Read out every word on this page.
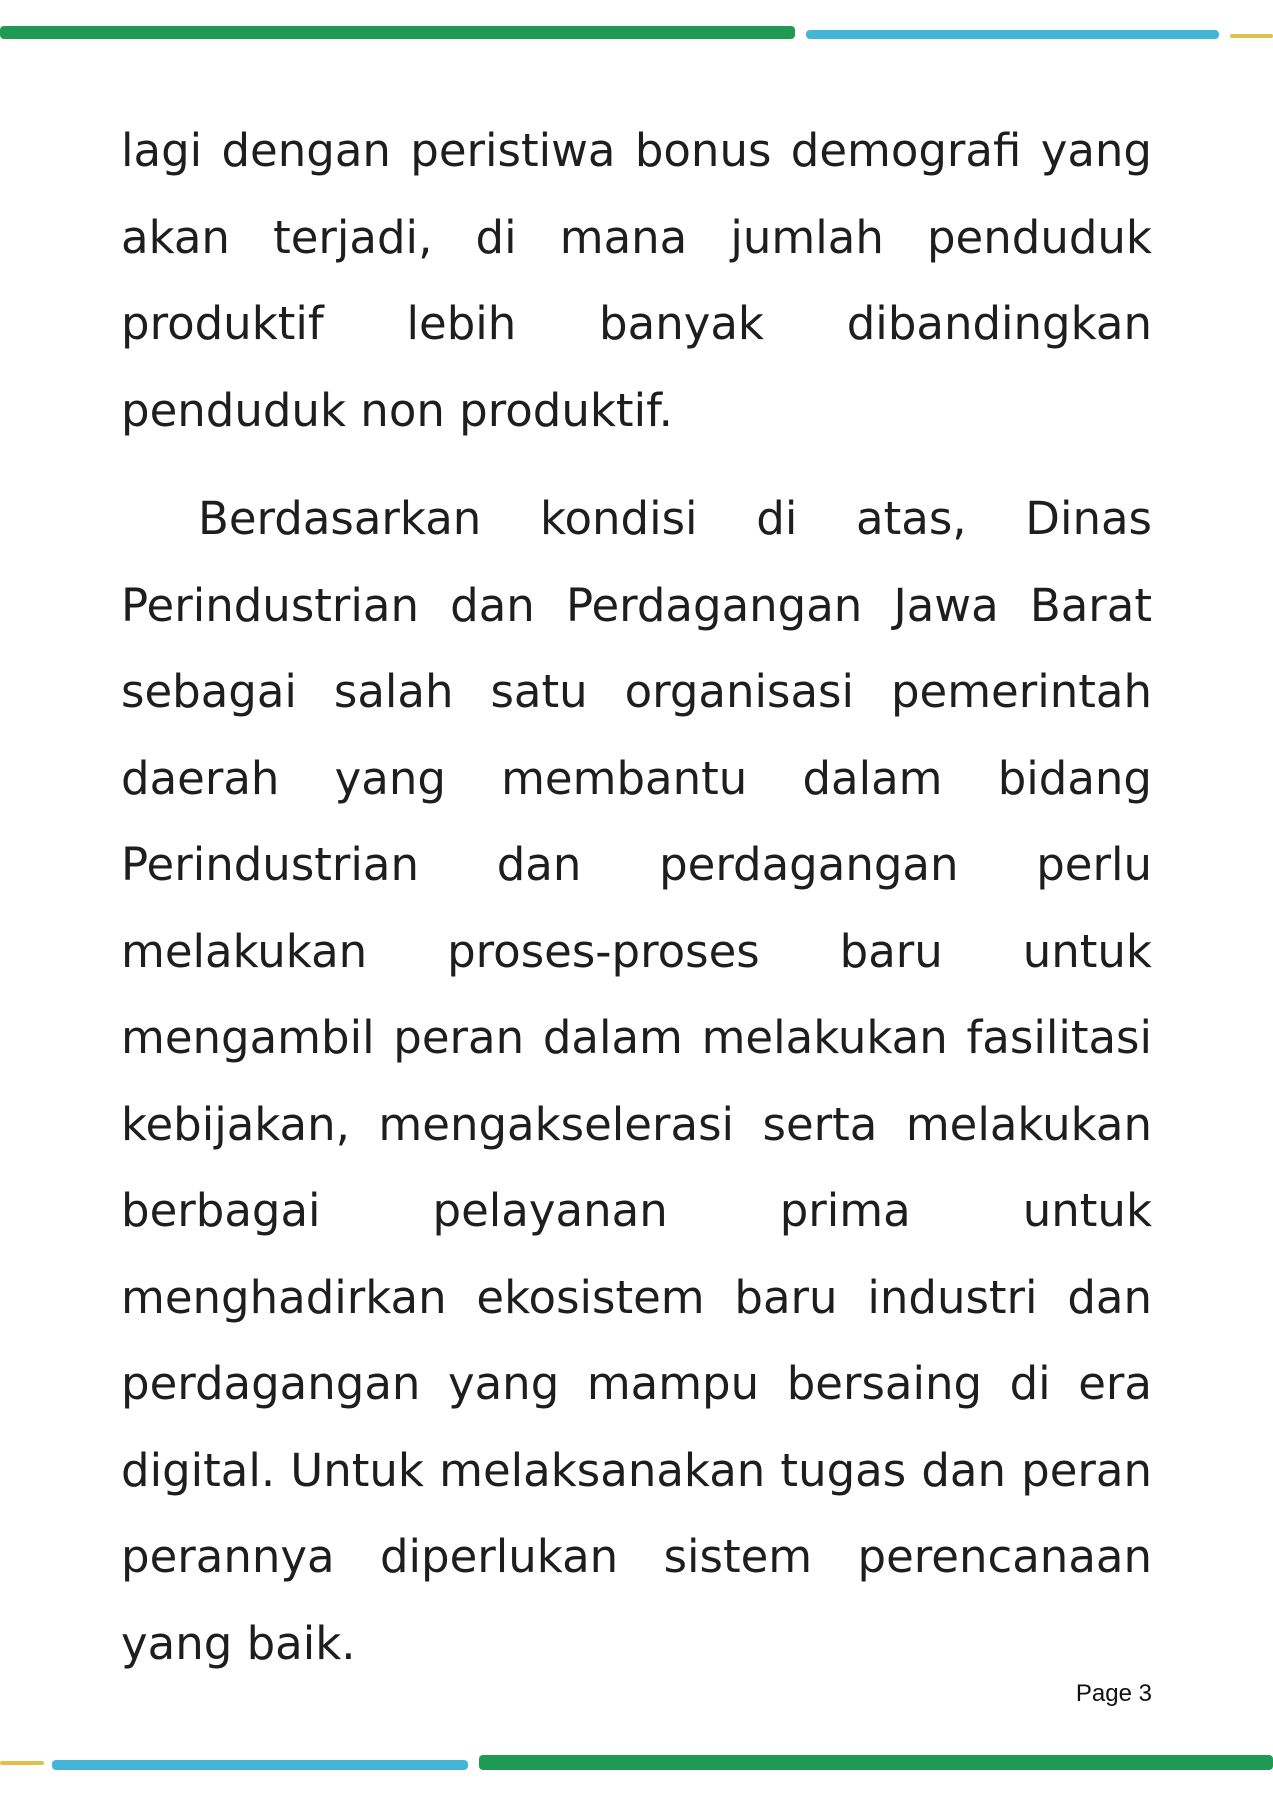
lagi dengan peristiwa bonus demografi yang akan terjadi, di mana jumlah penduduk produktif lebih banyak dibandingkan penduduk non produktif.

Berdasarkan kondisi di atas, Dinas Perindustrian dan Perdagangan Jawa Barat sebagai salah satu organisasi pemerintah daerah yang membantu dalam bidang Perindustrian dan perdagangan perlu melakukan proses-proses baru untuk mengambil peran dalam melakukan fasilitasi kebijakan, mengakselerasi serta melakukan berbagai pelayanan prima untuk menghadirkan ekosistem baru industri dan perdagangan yang mampu bersaing di era digital. Untuk melaksanakan tugas dan peran perannya diperlukan sistem perencanaan yang baik.

Page 3
